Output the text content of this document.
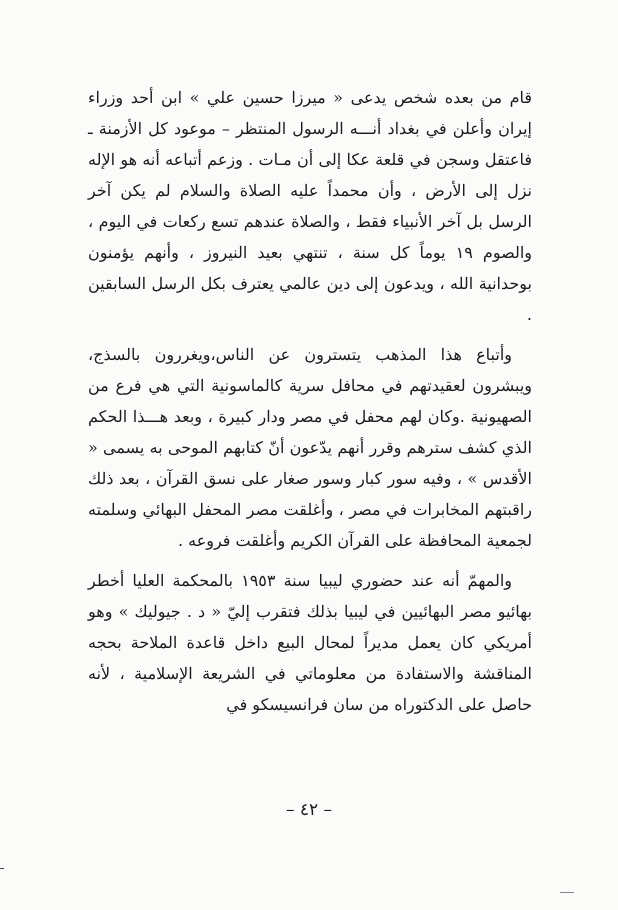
قام من بعده شخص يدعى « ميرزا حسين علي » ابن أحد وزراء إيران وأعلن في بغداد أنـــه الرسول المنتظر – موعود كل الأزمنة ـ فاعتقل وسجن في قلعة عكا إلى أن مـات . وزعم أتباعه أنه هو الإله نزل إلى الأرض ، وأن محمداً عليه الصلاة والسلام لم يكن آخر الرسل بل آخر الأنبياء فقط ، والصلاة عندهم تسع ركعات في اليوم ، والصوم ١٩ يوماً كل سنة ، تنتهي بعيد النيروز ، وأنهم يؤمنون بوحدانية الله ، ويدعون إلى دين عالمي يعترف بكل الرسل السابقين .

وأتباع هذا المذهب يتسترون عن الناس،ويغررون بالسذج، ويبشرون لعقيدتهم في محافل سرية كالماسونية التي هي فرع من الصهيونية .وكان لهم محفل في مصر ودار كبيرة ، وبعد هـــذا الحكم الذي كشف سترهم وقرر أنهم يدّعون أنّ كتابهم الموحى به يسمى « الأقدس » ، وفيه سور كبار وسور صغار على نسق القرآن ، بعد ذلك راقبتهم المخابرات في مصر ، وأغلقت مصر المحفل البهائي وسلمته لجمعية المحافظة على القرآن الكريم وأغلقت فروعه .

والمهمّ أنه عند حضوري ليبيا سنة ١٩٥٣ بالمحكمة العليا أخطر بهائيو مصر البهائيين في ليبيا بذلك فتقرب إليّ « د . جيوليك » وهو أمريكي كان يعمل مديراً لمحال البيع داخل قاعدة الملاحة بحجه المناقشة والاستفادة من معلوماتي في الشريعة الإسلامية ، لأنه حاصل على الدكتوراه من سان فرانسيسكو في

– ٤٢ –
